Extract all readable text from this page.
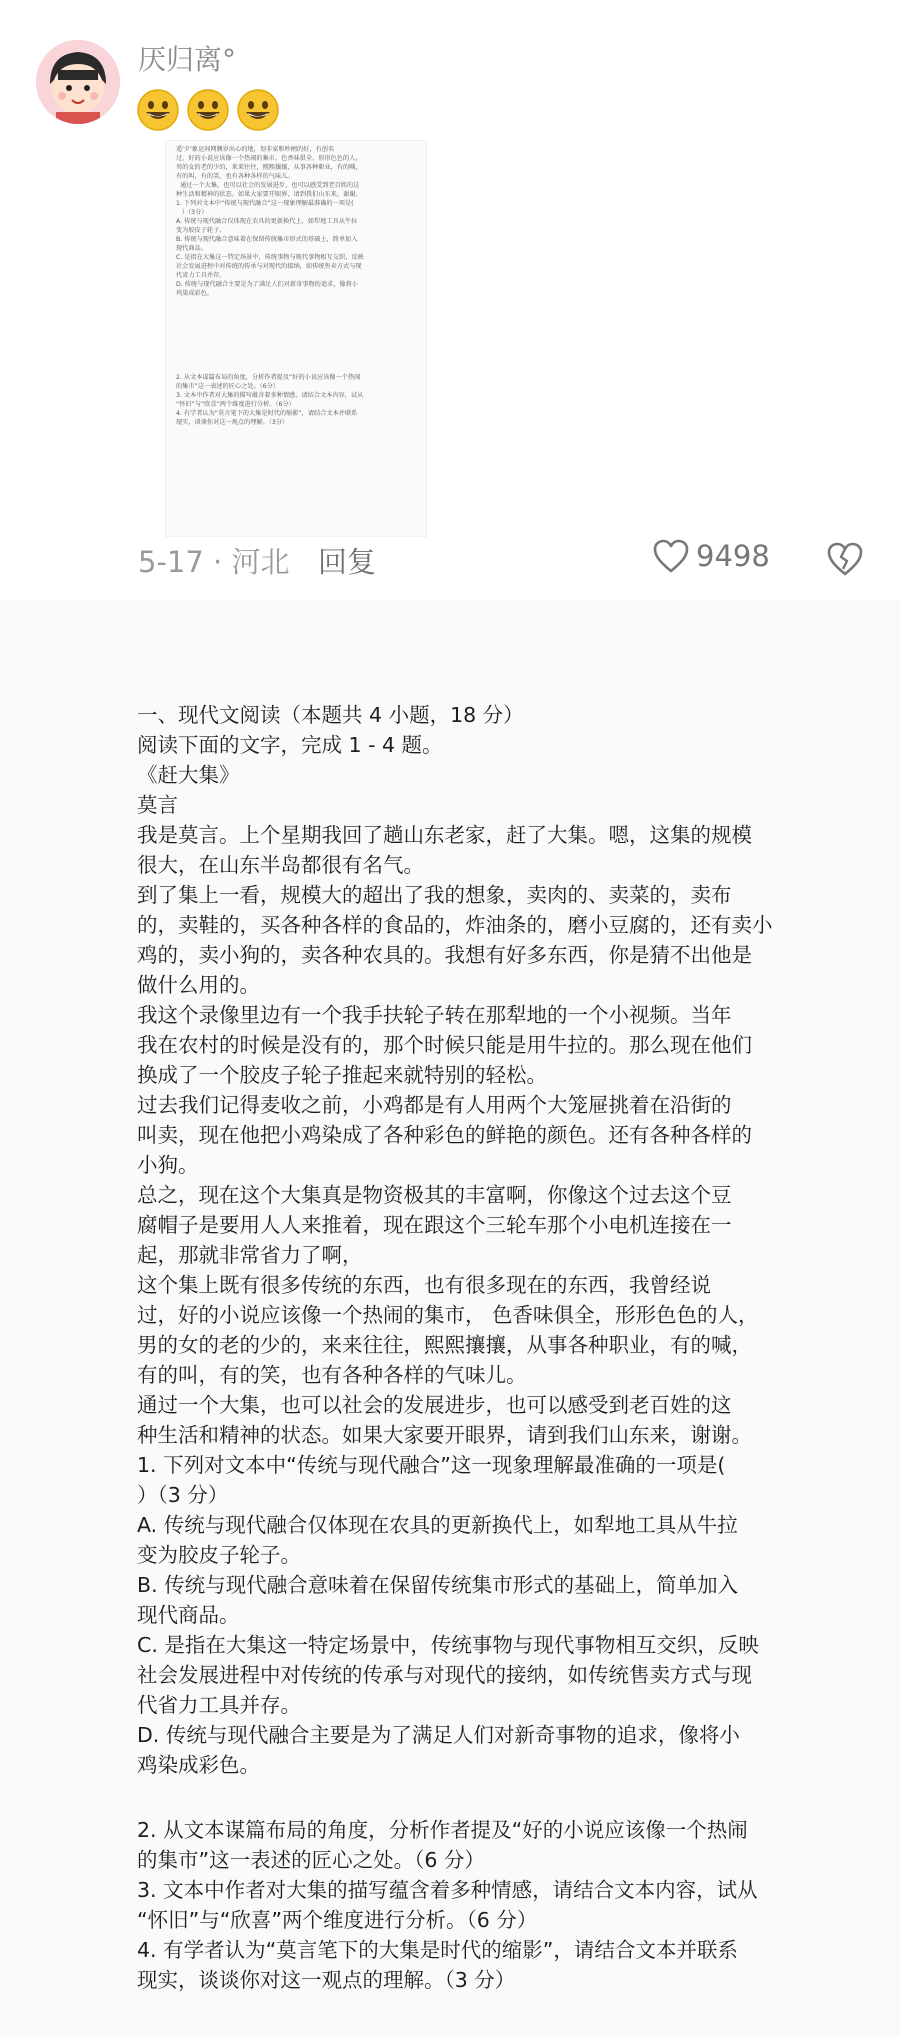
厌归离°
遥'夕'象运间网膊岁出心的地，划非家和吵闸的好，有创名
过，好的小说应该像一个热闹的集市，色香味俱全，形形色色的人，
男的女的老的少的，来来往往，熙熙攘攘，从事各种职业，有的喊，
有的叫，有的笑，也有各种各样的气味儿。
通过一个大集，也可以社会的发展进步，也可以感受到老百姓的这
种生活和精神的状态。如果大家要开眼界，请到我们山东来，谢谢。
1. 下列对文本中“传统与现代融合”这一现象理解最准确的一项是(
）（3分）
A. 传统与现代融合仅体现在农具的更新换代上，如犁地工具从牛拉
变为胶皮子轮子。
B. 传统与现代融合意味着在保留传统集市形式的基础上，简单加入
现代商品。
C. 是指在大集这一特定场景中，传统事物与现代事物相互交织，反映
社会发展进程中对传统的传承与对现代的接纳，如传统售卖方式与现
代省力工具并存。
D. 传统与现代融合主要是为了满足人们对新奇事物的追求，像将小
鸡染成彩色。
2. 从文本谋篇布局的角度，分析作者提及“好的小说应该像一个热闹
的集市”这一表述的匠心之处。（6分）
3. 文本中作者对大集的描写蕴含着多种情感，请结合文本内容，试从
“怀旧”与“欣喜”两个维度进行分析。（6分）
4. 有学者认为“莫言笔下的大集是时代的缩影”，请结合文本并联系
现实，谈谈你对这一观点的理解。（3分）
5-17 · 河北 回复	9498
一、现代文阅读（本题共 4 小题，18 分）
阅读下面的文字，完成 1 - 4 题。
《赶大集》
莫言
我是莫言。上个星期我回了趟山东老家，赶了大集。嗯，这集的规模
很大，在山东半岛都很有名气。
到了集上一看，规模大的超出了我的想象，卖肉的、卖菜的，卖布
的，卖鞋的，买各种各样的食品的，炸油条的，磨小豆腐的，还有卖小
鸡的，卖小狗的，卖各种农具的。我想有好多东西，你是猜不出他是
做什么用的。
我这个录像里边有一个我手扶轮子转在那犁地的一个小视频。当年
我在农村的时候是没有的，那个时候只能是用牛拉的。那么现在他们
换成了一个胶皮子轮子推起来就特别的轻松。
过去我们记得麦收之前，小鸡都是有人用两个大笼屉挑着在沿街的
叫卖，现在他把小鸡染成了各种彩色的鲜艳的颜色。还有各种各样的
小狗。
总之，现在这个大集真是物资极其的丰富啊，你像这个过去这个豆
腐帽子是要用人人来推着，现在跟这个三轮车那个小电机连接在一
起，那就非常省力了啊，
这个集上既有很多传统的东西，也有很多现在的东西，我曾经说
过，好的小说应该像一个热闹的集市， 色香味俱全，形形色色的人，
男的女的老的少的，来来往往，熙熙攘攘，从事各种职业，有的喊，
有的叫，有的笑，也有各种各样的气味儿。
通过一个大集，也可以社会的发展进步，也可以感受到老百姓的这
种生活和精神的状态。如果大家要开眼界，请到我们山东来，谢谢。
1. 下列对文本中“传统与现代融合”这一现象理解最准确的一项是(
）（3 分）
A. 传统与现代融合仅体现在农具的更新换代上，如犁地工具从牛拉
变为胶皮子轮子。
B. 传统与现代融合意味着在保留传统集市形式的基础上，简单加入
现代商品。
C. 是指在大集这一特定场景中，传统事物与现代事物相互交织，反映
社会发展进程中对传统的传承与对现代的接纳，如传统售卖方式与现
代省力工具并存。
D. 传统与现代融合主要是为了满足人们对新奇事物的追求，像将小
鸡染成彩色。
2. 从文本谋篇布局的角度，分析作者提及“好的小说应该像一个热闹
的集市”这一表述的匠心之处。（6 分）
3. 文本中作者对大集的描写蕴含着多种情感，请结合文本内容，试从
“怀旧”与“欣喜”两个维度进行分析。（6 分）
4. 有学者认为“莫言笔下的大集是时代的缩影”，请结合文本并联系
现实，谈谈你对这一观点的理解。（3 分）
